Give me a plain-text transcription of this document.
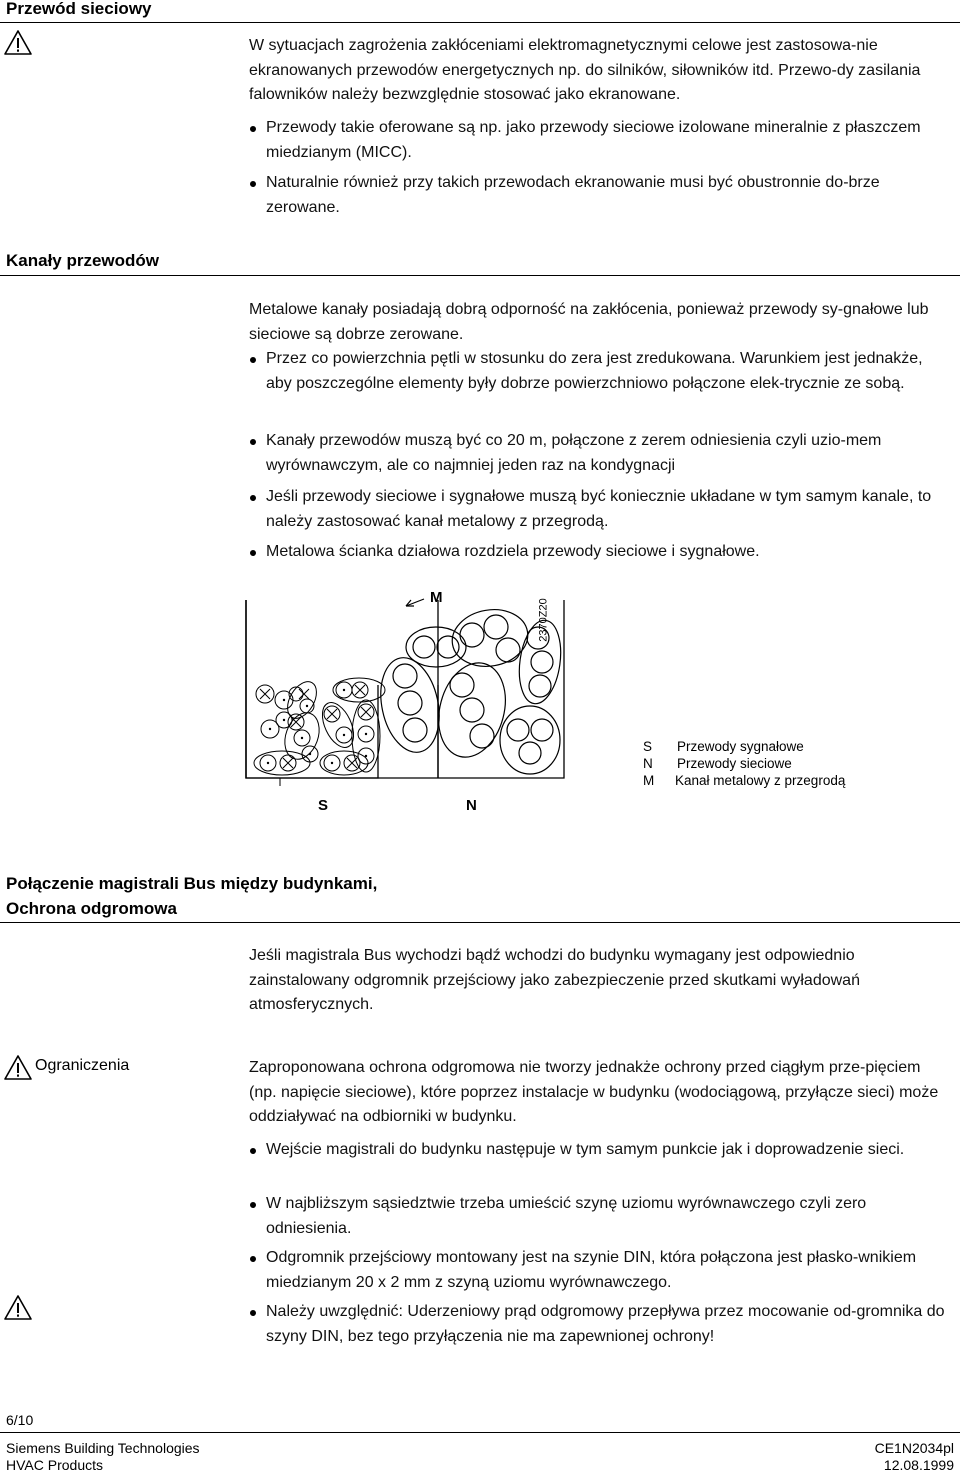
Przewód sieciowy
W sytuacjach zagrożenia zakłóceniami elektromagnetycznymi celowe jest zastosowa-nie ekranowanych przewodów energetycznych np. do silników, siłowników itd. Przewo-dy zasilania falowników należy bezwzględnie stosować jako ekranowane.
Przewody takie oferowane są np. jako przewody sieciowe izolowane mineralnie z płaszczem miedzianym (MICC).
Naturalnie również przy takich przewodach ekranowanie musi być obustronnie do-brze zerowane.
Kanały przewodów
Metalowe kanały posiadają dobrą odporność na zakłócenia, ponieważ przewody sy-gnałowe lub sieciowe są dobrze zerowane.
Przez co powierzchnia pętli w stosunku do zera jest zredukowana. Warunkiem jest jednakże, aby poszczególne elementy były dobrze powierzchniowo połączone elek-trycznie ze sobą.
Kanały przewodów muszą być co 20 m, połączone z zerem odniesienia czyli uzio-mem wyrównawczym, ale co najmniej jeden raz na kondygnacji
Jeśli przewody sieciowe i sygnałowe muszą być koniecznie układane w tym samym kanale, to należy zastosować kanał metalowy z przegrodą.
Metalowa ścianka działowa rozdziela przewody sieciowe i sygnałowe.
M
S	N
2370Z20
S Przewody sygnałowe
N Przewody sieciowe
M Kanał metalowy z przegrodą
Połączenie magistrali Bus między budynkami,
Ochrona odgromowa
Jeśli magistrala Bus wychodzi bądź wchodzi do budynku wymagany jest odpowiednio zainstalowany odgromnik przejściowy jako zabezpieczenie przed skutkami wyładowań atmosferycznych.
Ograniczenia	Zaproponowana ochrona odgromowa nie tworzy jednakże ochrony przed ciągłym prze-pięciem (np. napięcie sieciowe), które poprzez instalacje w budynku (wodociągową, przyłącze sieci) może oddziaływać na odbiorniki w budynku.
Wejście magistrali do budynku następuje w tym samym punkcie jak i doprowadzenie sieci.
W najbliższym sąsiedztwie trzeba umieścić szynę uziomu wyrównawczego czyli zero odniesienia.
Odgromnik przejściowy montowany jest na szynie DIN, która połączona jest płasko-wnikiem miedzianym 20 x 2 mm z szyną uziomu wyrównawczego.
Należy uwzględnić: Uderzeniowy prąd odgromowy przepływa przez mocowanie od-gromnika do szyny DIN, bez tego przyłączenia nie ma zapewnionej ochrony!
6/10
Siemens Building Technologies
HVAC Products
CE1N2034pl
12.08.1999
